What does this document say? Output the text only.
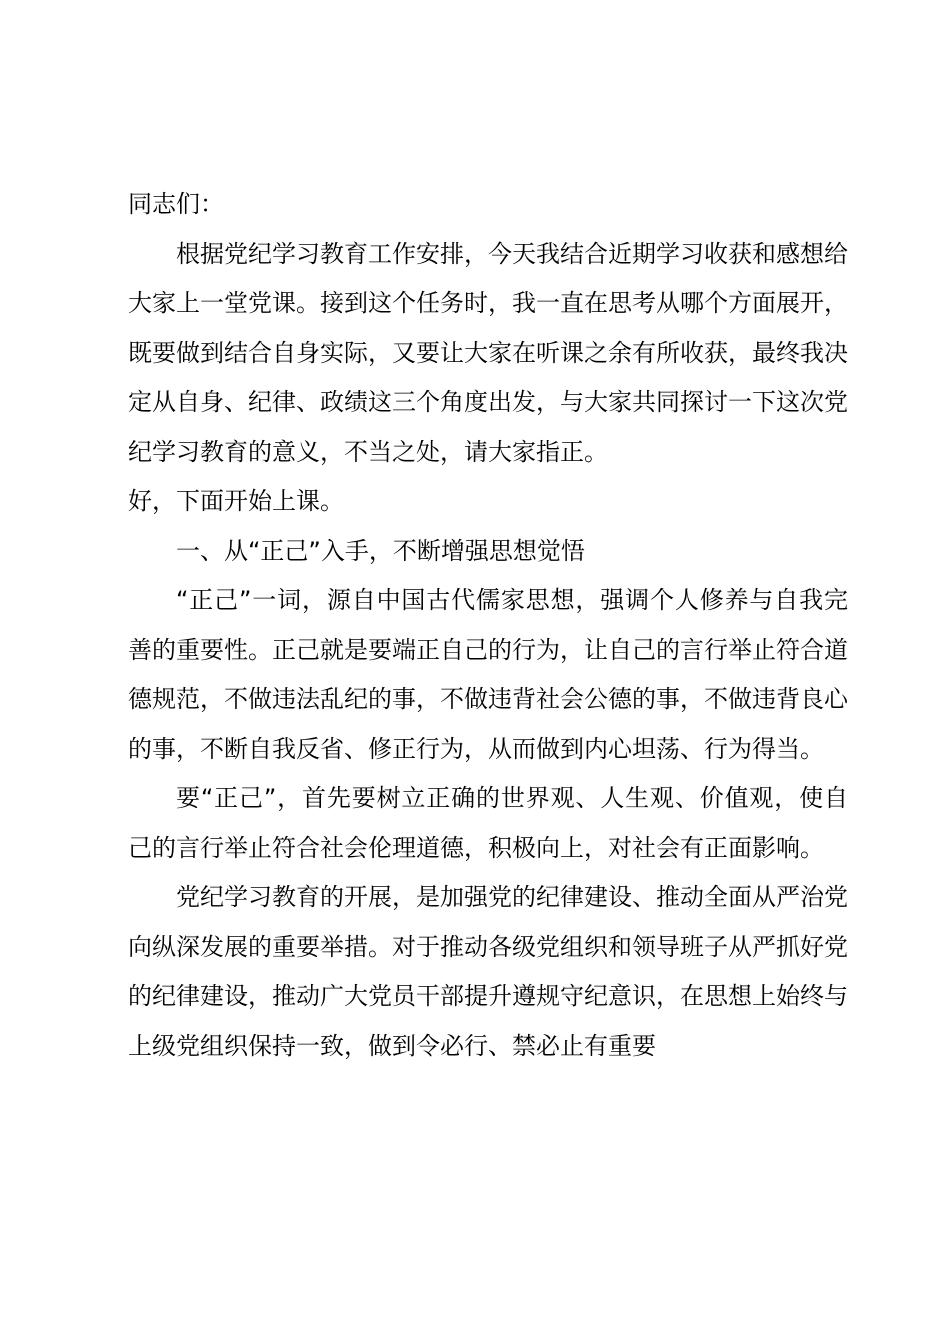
同志们：

根据党纪学习教育工作安排，今天我结合近期学习收获和感想给大家上一堂党课。接到这个任务时，我一直在思考从哪个方面展开，既要做到结合自身实际，又要让大家在听课之余有所收获，最终我决定从自身、纪律、政绩这三个角度出发，与大家共同探讨一下这次党纪学习教育的意义，不当之处，请大家指正。

好，下面开始上课。

一、从“正己”入手，不断增强思想觉悟

“正己”一词，源自中国古代儒家思想，强调个人修养与自我完善的重要性。正己就是要端正自己的行为，让自己的言行举止符合道德规范，不做违法乱纪的事，不做违背社会公德的事，不做违背良心的事，不断自我反省、修正行为，从而做到内心坦荡、行为得当。

要“正己”，首先要树立正确的世界观、人生观、价值观，使自己的言行举止符合社会伦理道德，积极向上，对社会有正面影响。

党纪学习教育的开展，是加强党的纪律建设、推动全面从严治党向纵深发展的重要举措。对于推动各级党组织和领导班子从严抓好党的纪律建设，推动广大党员干部提升遵规守纪意识，在思想上始终与上级党组织保持一致，做到令必行、禁必止有重要
